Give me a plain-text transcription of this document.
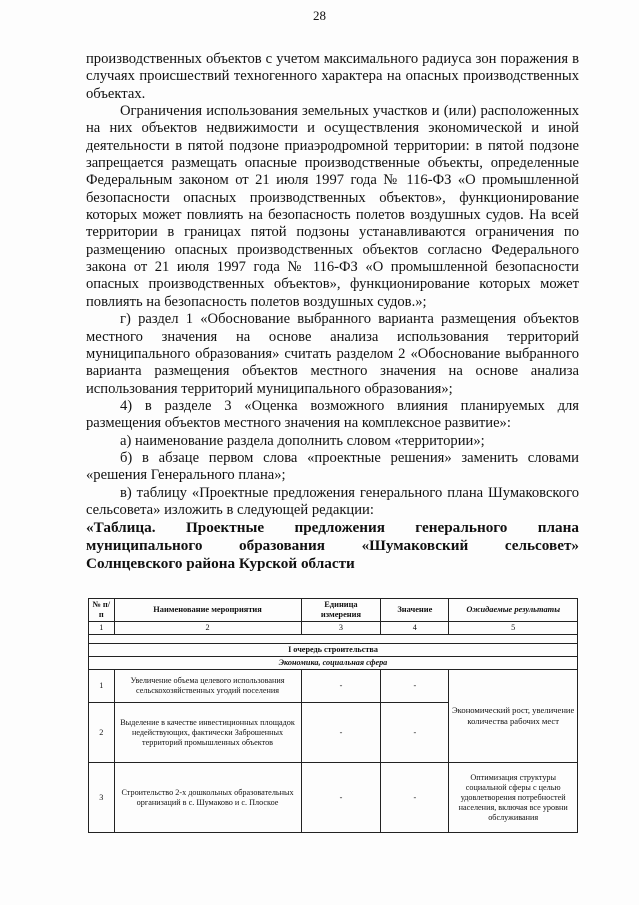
28

производственных объектов с учетом максимального радиуса зон поражения в случаях происшествий техногенного характера на опасных производственных объектах.

Ограничения использования земельных участков и (или) расположенных на них объектов недвижимости и осуществления экономической и иной деятельности в пятой подзоне приаэродромной территории: в пятой подзоне запрещается размещать опасные производственные объекты, определенные Федеральным законом от 21 июля 1997 года № 116-ФЗ «О промышленной безопасности опасных производственных объектов», функционирование которых может повлиять на безопасность полетов воздушных судов. На всей территории в границах пятой подзоны устанавливаются ограничения по размещению опасных производственных объектов согласно Федерального закона от 21 июля 1997 года № 116-ФЗ «О промышленной безопасности опасных производственных объектов», функционирование которых может повлиять на безопасность полетов воздушных судов.»;

г) раздел 1 «Обоснование выбранного варианта размещения объектов местного значения на основе анализа использования территорий муниципального образования» считать разделом 2 «Обоснование выбранного варианта размещения объектов местного значения на основе анализа использования территорий муниципального образования»;

4) в разделе 3 «Оценка возможного влияния планируемых для размещения объектов местного значения на комплексное развитие»:

а) наименование раздела дополнить словом «территории»;

б) в абзаце первом слова «проектные решения» заменить словами «решения Генерального плана»;

в) таблицу «Проектные предложения генерального плана Шумаковского сельсовета» изложить в следующей редакции:

«Таблица. Проектные предложения генерального плана муниципального образования «Шумаковский сельсовет» Солнцевского района Курской области

№ п/п	Наименование мероприятия	Единица измерения	Значение	Ожидаемые результаты
1	2	3	4	5

I очередь строительства				
Экономика, социальная сфера				
1	Увеличение объема целевого использования сельскохозяйственных угодий поселения	-	-	Экономический рост, увеличение количества рабочих мест
2	Выделение в качестве инвестиционных площадок недействующих, фактически Заброшенных территорий промышленных объектов	-	-	
3	Строительство 2-х дошкольных образовательных организаций в с. Шумаково и с. Плоское	-	-	Оптимизация структуры социальной сферы с целью удовлетворения потребностей населения, включая все уровни обслуживания
